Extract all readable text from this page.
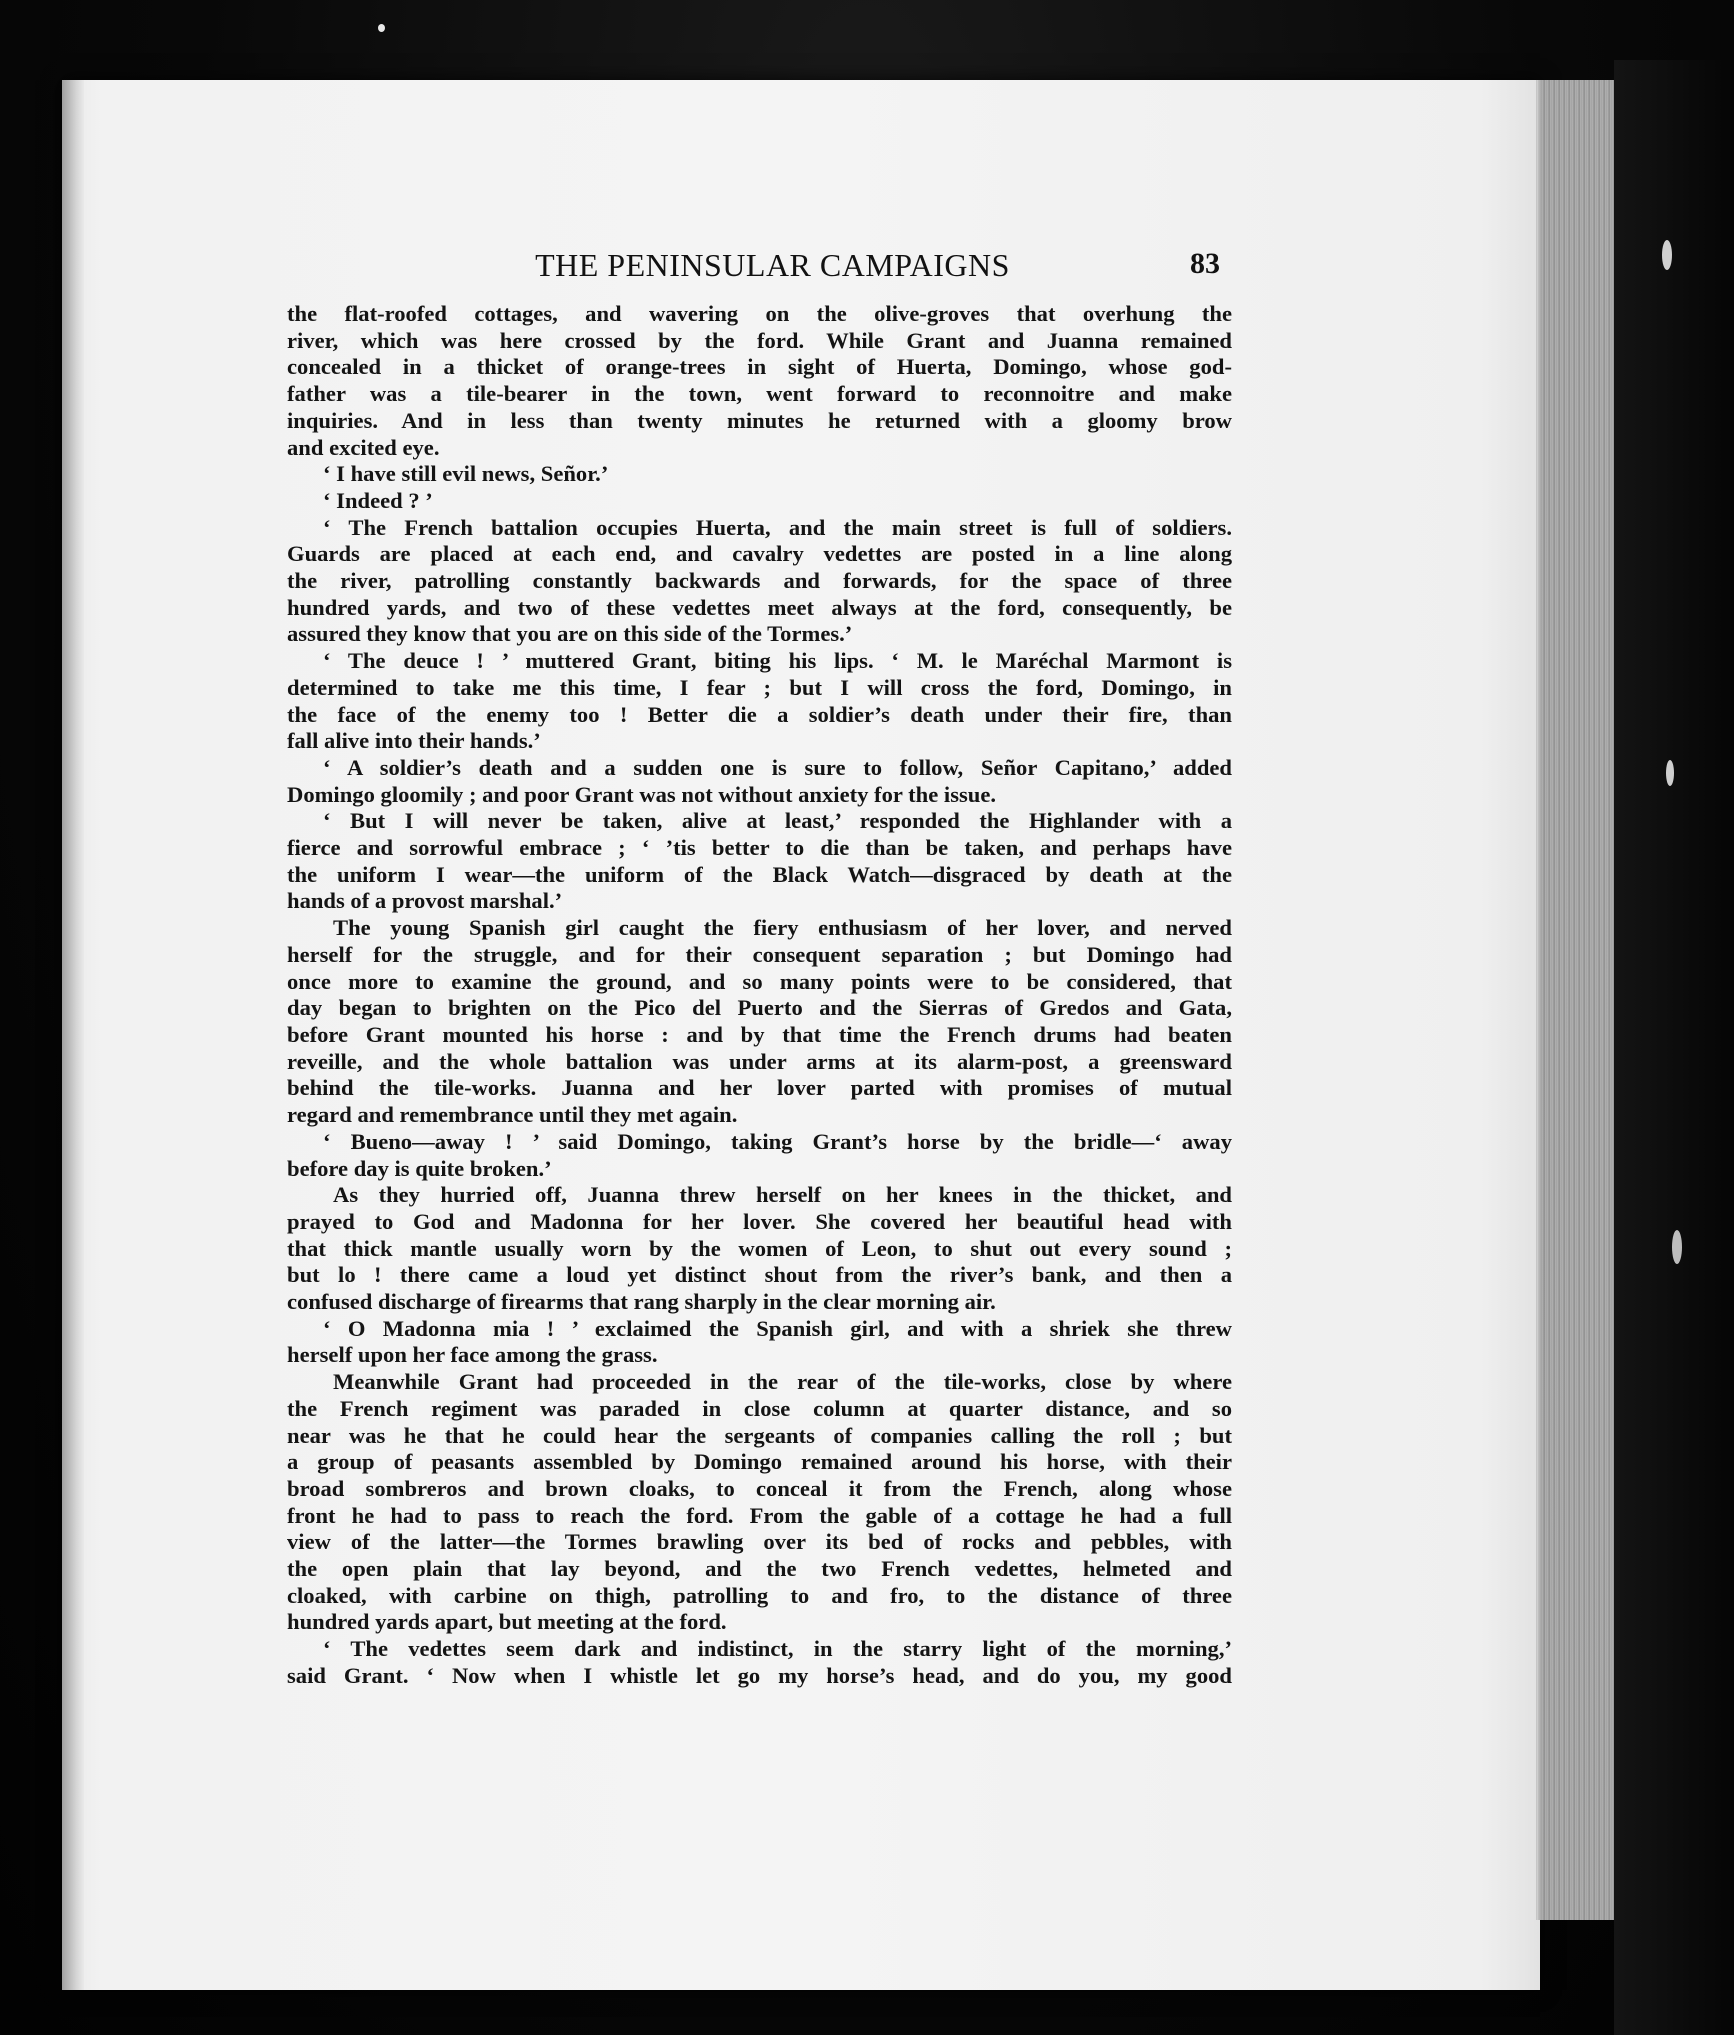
THE PENINSULAR CAMPAIGNS	83
the flat-roofed cottages, and wavering on the olive-groves that overhung the
river, which was here crossed by the ford. While Grant and Juanna remained
concealed in a thicket of orange-trees in sight of Huerta, Domingo, whose god-
father was a tile-bearer in the town, went forward to reconnoitre and make
inquiries. And in less than twenty minutes he returned with a gloomy brow
and excited eye.
‘ I have still evil news, Señor.’
‘ Indeed ? ’
‘ The French battalion occupies Huerta, and the main street is full of soldiers.
Guards are placed at each end, and cavalry vedettes are posted in a line along
the river, patrolling constantly backwards and forwards, for the space of three
hundred yards, and two of these vedettes meet always at the ford, consequently, be
assured they know that you are on this side of the Tormes.’
‘ The deuce ! ’ muttered Grant, biting his lips. ‘ M. le Maréchal Marmont is
determined to take me this time, I fear ; but I will cross the ford, Domingo, in
the face of the enemy too ! Better die a soldier’s death under their fire, than
fall alive into their hands.’
‘ A soldier’s death and a sudden one is sure to follow, Señor Capitano,’ added
Domingo gloomily ; and poor Grant was not without anxiety for the issue.
‘ But I will never be taken, alive at least,’ responded the Highlander with a
fierce and sorrowful embrace ; ‘ ’tis better to die than be taken, and perhaps have
the uniform I wear—the uniform of the Black Watch—disgraced by death at the
hands of a provost marshal.’
The young Spanish girl caught the fiery enthusiasm of her lover, and nerved
herself for the struggle, and for their consequent separation ; but Domingo had
once more to examine the ground, and so many points were to be considered, that
day began to brighten on the Pico del Puerto and the Sierras of Gredos and Gata,
before Grant mounted his horse : and by that time the French drums had beaten
reveille, and the whole battalion was under arms at its alarm-post, a greensward
behind the tile-works. Juanna and her lover parted with promises of mutual
regard and remembrance until they met again.
‘ Bueno—away ! ’ said Domingo, taking Grant’s horse by the bridle—‘ away
before day is quite broken.’
As they hurried off, Juanna threw herself on her knees in the thicket, and
prayed to God and Madonna for her lover. She covered her beautiful head with
that thick mantle usually worn by the women of Leon, to shut out every sound ;
but lo ! there came a loud yet distinct shout from the river’s bank, and then a
confused discharge of firearms that rang sharply in the clear morning air.
‘ O Madonna mia ! ’ exclaimed the Spanish girl, and with a shriek she threw
herself upon her face among the grass.
Meanwhile Grant had proceeded in the rear of the tile-works, close by where
the French regiment was paraded in close column at quarter distance, and so
near was he that he could hear the sergeants of companies calling the roll ; but
a group of peasants assembled by Domingo remained around his horse, with their
broad sombreros and brown cloaks, to conceal it from the French, along whose
front he had to pass to reach the ford. From the gable of a cottage he had a full
view of the latter—the Tormes brawling over its bed of rocks and pebbles, with
the open plain that lay beyond, and the two French vedettes, helmeted and
cloaked, with carbine on thigh, patrolling to and fro, to the distance of three
hundred yards apart, but meeting at the ford.
‘ The vedettes seem dark and indistinct, in the starry light of the morning,’
said Grant. ‘ Now when I whistle let go my horse’s head, and do you, my good
